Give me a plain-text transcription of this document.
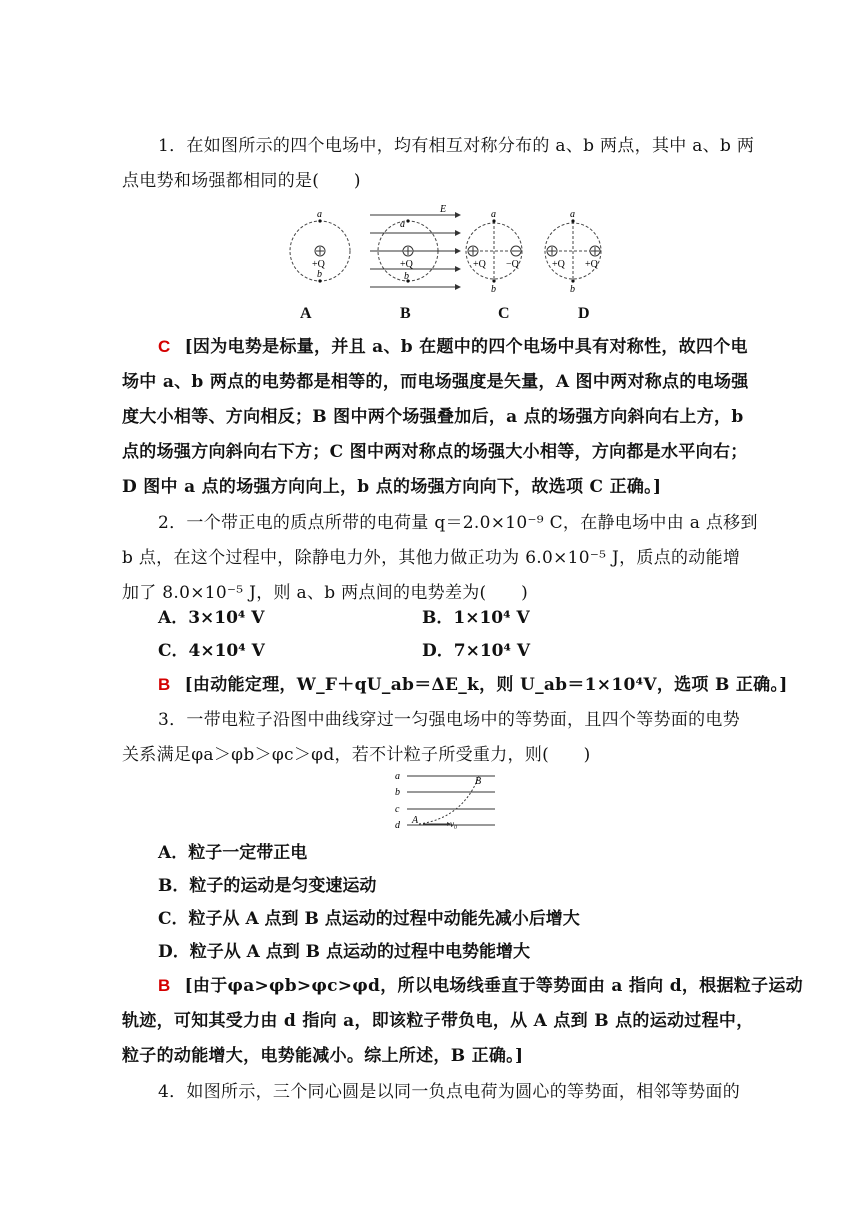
1．在如图所示的四个电场中，均有相互对称分布的 a、b 两点，其中 a、b 两
点电势和场强都相同的是(　　)
a
b
+Q
E
a
b
+Q
a
b
+Q −Q
a
b
+Q +Q
A	B	C	D
C [因为电势是标量，并且 a、b 在题中的四个电场中具有对称性，故四个电
场中 a、b 两点的电势都是相等的，而电场强度是矢量，A 图中两对称点的电场强
度大小相等、方向相反；B 图中两个场强叠加后，a 点的场强方向斜向右上方，b
点的场强方向斜向右下方；C 图中两对称点的场强大小相等，方向都是水平向右；
D 图中 a 点的场强方向向上，b 点的场强方向向下，故选项 C 正确。]
2．一个带正电的质点所带的电荷量 q＝2.0×10⁻⁹ C，在静电场中由 a 点移到
b 点，在这个过程中，除静电力外，其他力做正功为 6.0×10⁻⁵ J，质点的动能增
加了 8.0×10⁻⁵ J，则 a、b 两点间的电势差为(　　)
A．3×10⁴ V	B．1×10⁴ V
C．4×10⁴ V	D．7×10⁴ V
B [由动能定理，W_F＋qU_ab＝ΔE_k，则 U_ab＝1×10⁴V，选项 B 正确。]
3．一带电粒子沿图中曲线穿过一匀强电场中的等势面，且四个等势面的电势
关系满足φa＞φb＞φc＞φd，若不计粒子所受重力，则(　　)
a
b
c
d A
B
v₀
A．粒子一定带正电
B．粒子的运动是匀变速运动
C．粒子从 A 点到 B 点运动的过程中动能先减小后增大
D．粒子从 A 点到 B 点运动的过程中电势能增大
B [由于φa>φb>φc>φd，所以电场线垂直于等势面由 a 指向 d，根据粒子运动
轨迹，可知其受力由 d 指向 a，即该粒子带负电，从 A 点到 B 点的运动过程中，
粒子的动能增大，电势能减小。综上所述，B 正确。]
4．如图所示，三个同心圆是以同一负点电荷为圆心的等势面，相邻等势面的
